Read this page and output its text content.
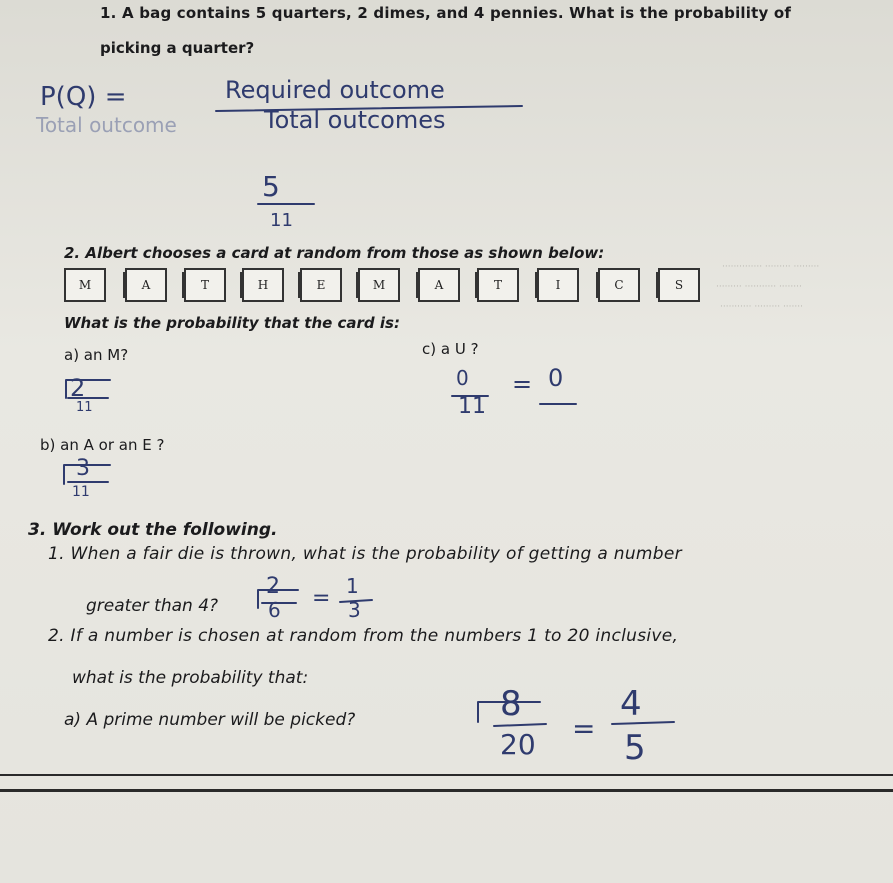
1. A bag contains 5 quarters, 2 dimes, and 4 pennies. What is the probability of
picking a quarter?
P(Q) =	Required outcome
Total outcomes
Total outcome
5
11
2. Albert chooses a card at random from those as shown below:
M	A	T	H	E	M	A	T	I	C	S
·············· ········· ·········
········· ··········· ········
··········· ········· ·······
What is the probability that the card is:
a) an M?	c) a U ?
2
11
0
11
= 0
b) an A or an E ?
3
11
3. Work out the following.
1. When a fair die is thrown, what is the probability of getting a number
greater than 4?
2
6 = 1
3
2. If a number is chosen at random from the numbers 1 to 20 inclusive,
what is the probability that:
a) A prime number will be picked?	8
20 =
4
5
